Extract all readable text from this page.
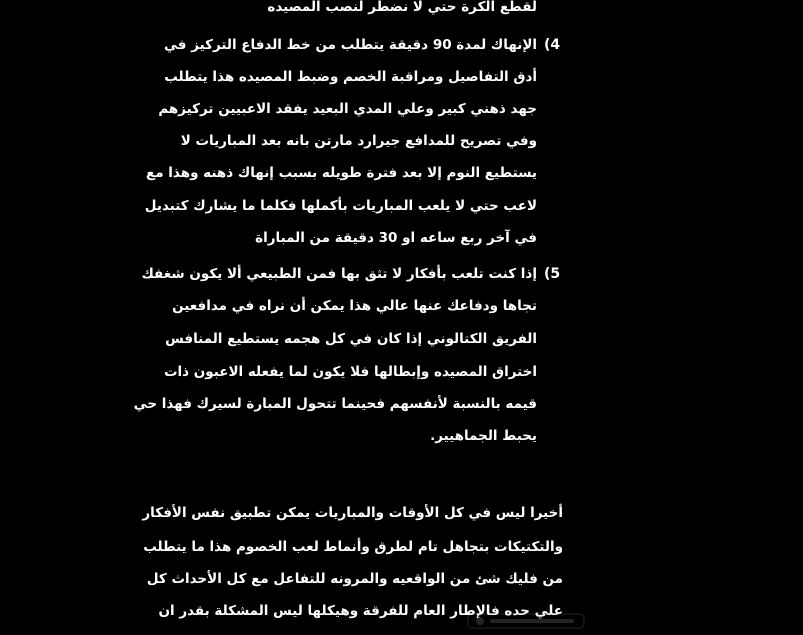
لقطع الكرة حتي لا نضطر لنصب المصيده
(4
الإنهاك لمدة 90 دقيقة يتطلب من خط الدفاع التركيز في
أدق التفاصيل ومراقبة الخصم وضبط المصيده هذا يتطلب
جهد ذهني كبير وعلي المدي البعيد يفقد الاعبيين تركيزهم
وفي تصريح للمدافع جيرارد مارتن بانه بعد المباريات لا
يستطيع النوم إلا بعد فترة طويله بسبب إنهاك ذهنه وهذا مع
لاعب حتي لا يلعب المباريات بأكملها فكلما ما يشارك كتبديل
في آخر ربع ساعه او 30 دقيقة من المباراة
(5
إذا كنت تلعب بأفكار لا تثق بها فمن الطبيعي ألا يكون شغفك
تجاها ودفاعك عنها عالي هذا يمكن أن نراه في مدافعين
الفريق الكتالوني إذا كان في كل هجمه يستطيع المنافس
اختراق المصيده وإبطالها فلا يكون لما يفعله الاعبون ذات
قيمه بالنسبة لأنفسهم فحينما تتحول المبارة لسيرك فهذا حي
يحبط الجماهيير.
أخيرا ليس في كل الأوقات والمباريات يمكن تطبيق نفس الأفكار
والتكتيكات بتجاهل تام لطرق وأنماط لعب الخصوم هذا ما يتطلب
من فليك شئ من الواقعيه والمرونه للتفاعل مع كل الأحداث كل
علي حده فالإطار العام للفرقة وهيكلها ليس المشكلة بقدر ان
